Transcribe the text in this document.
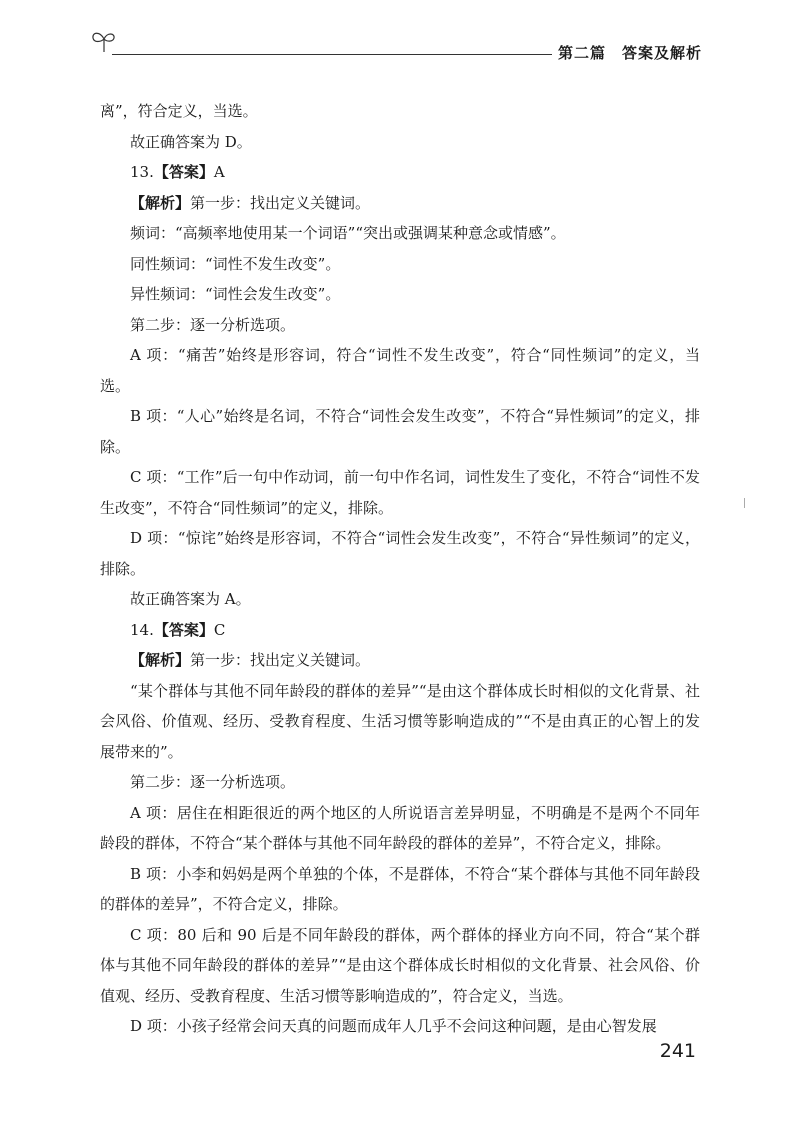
第二篇　答案及解析

离”，符合定义，当选。

故正确答案为 D。

13.【答案】A

【解析】第一步：找出定义关键词。

频词：“高频率地使用某一个词语”“突出或强调某种意念或情感”。

同性频词：“词性不发生改变”。

异性频词：“词性会发生改变”。

第二步：逐一分析选项。

A 项：“痛苦”始终是形容词，符合“词性不发生改变”，符合“同性频词”的定义，当选。

B 项：“人心”始终是名词，不符合“词性会发生改变”，不符合“异性频词”的定义，排除。

C 项：“工作”后一句中作动词，前一句中作名词，词性发生了变化，不符合“词性不发生改变”，不符合“同性频词”的定义，排除。

D 项：“惊诧”始终是形容词，不符合“词性会发生改变”，不符合“异性频词”的定义，排除。

故正确答案为 A。

14.【答案】C

【解析】第一步：找出定义关键词。

“某个群体与其他不同年龄段的群体的差异”“是由这个群体成长时相似的文化背景、社会风俗、价值观、经历、受教育程度、生活习惯等影响造成的”“不是由真正的心智上的发展带来的”。

第二步：逐一分析选项。

A 项：居住在相距很近的两个地区的人所说语言差异明显，不明确是不是两个不同年龄段的群体，不符合“某个群体与其他不同年龄段的群体的差异”，不符合定义，排除。

B 项：小李和妈妈是两个单独的个体，不是群体，不符合“某个群体与其他不同年龄段的群体的差异”，不符合定义，排除。

C 项：80 后和 90 后是不同年龄段的群体，两个群体的择业方向不同，符合“某个群体与其他不同年龄段的群体的差异”“是由这个群体成长时相似的文化背景、社会风俗、价值观、经历、受教育程度、生活习惯等影响造成的”，符合定义，当选。

D 项：小孩子经常会问天真的问题而成年人几乎不会问这种问题，是由心智发展

241
